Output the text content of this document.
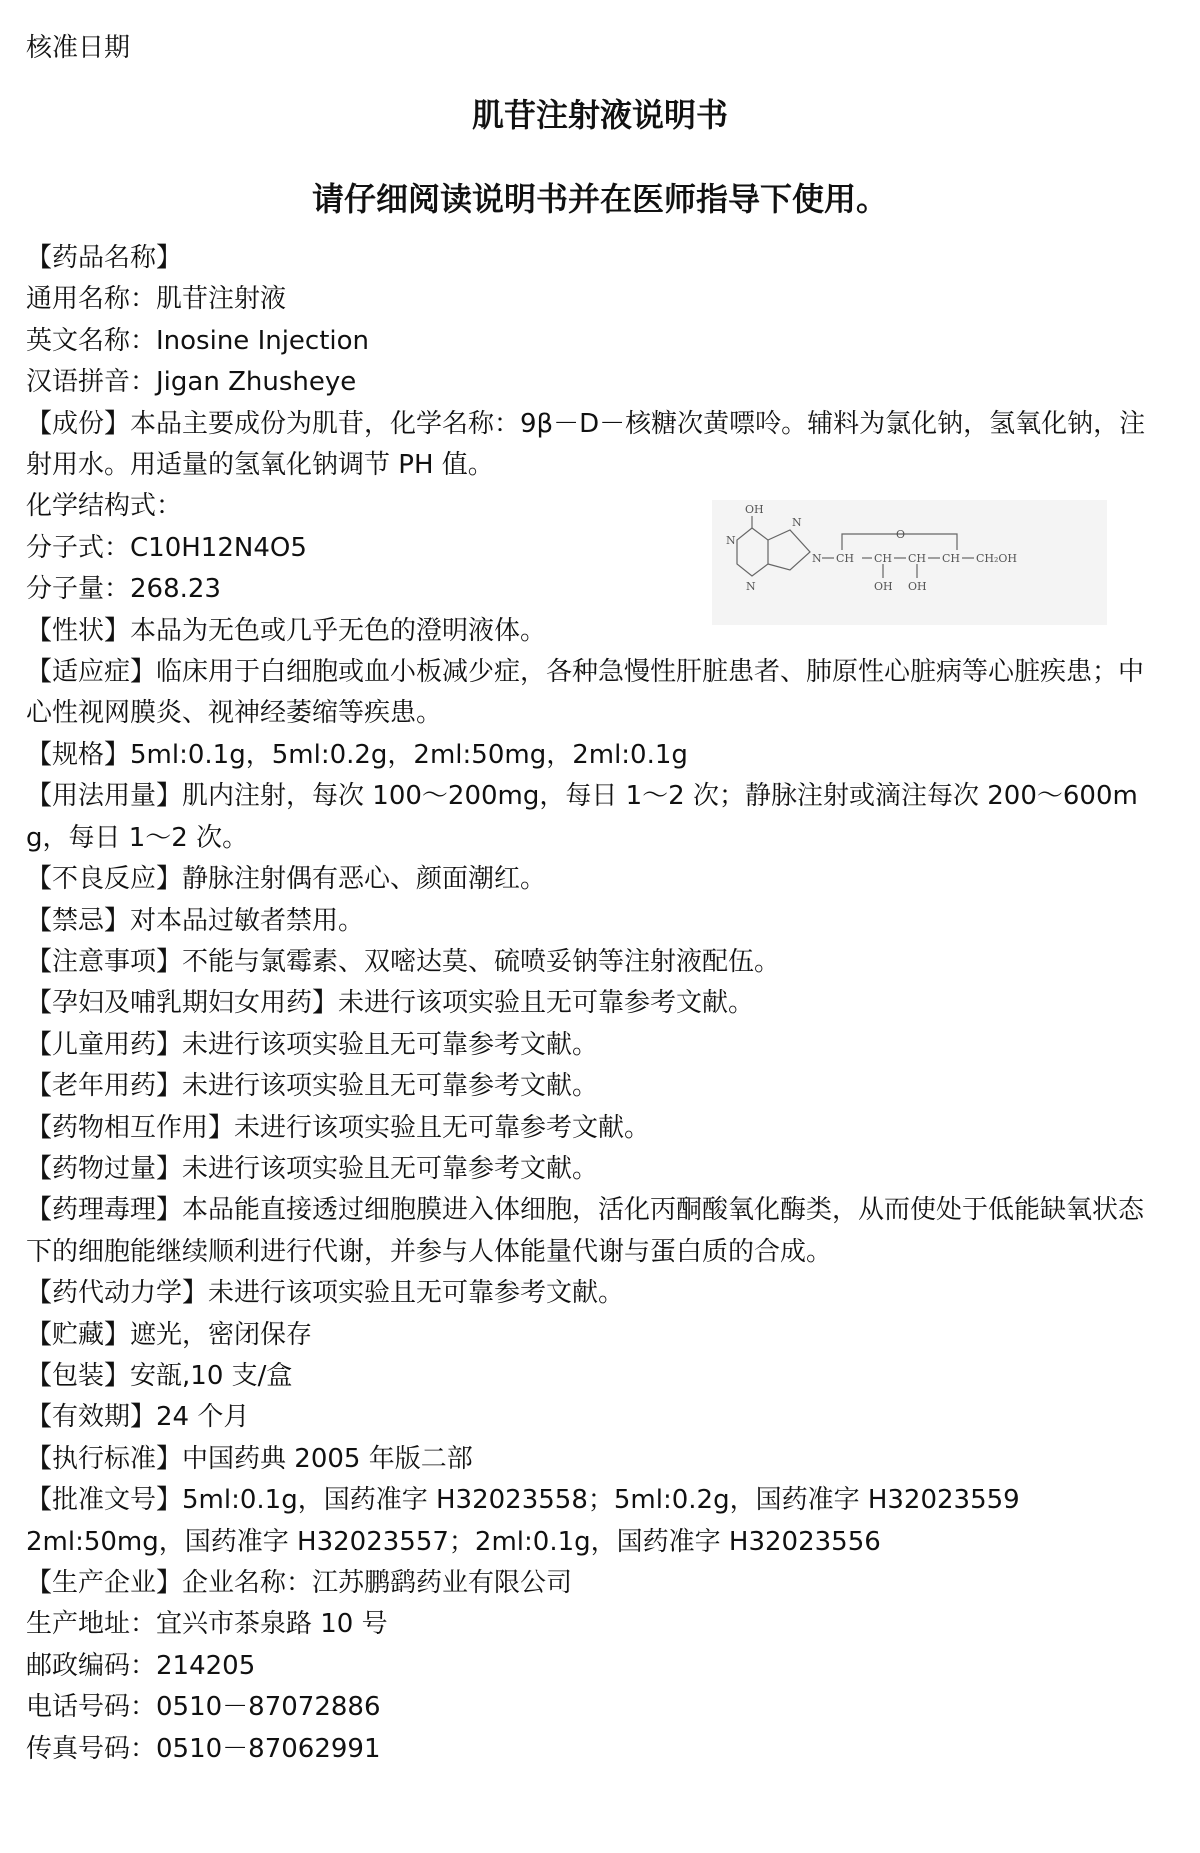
核准日期
肌苷注射液说明书
请仔细阅读说明书并在医师指导下使用。
【药品名称】
通用名称：肌苷注射液
英文名称：Inosine Injection
汉语拼音：Jigan Zhusheye
【成份】本品主要成份为肌苷，化学名称：9β－D－核糖次黄嘌呤。辅料为氯化钠，氢氧化钠，注射用水。用适量的氢氧化钠调节 PH 值。
化学结构式：
分子式：C10H12N4O5
分子量：268.23
【性状】本品为无色或几乎无色的澄明液体。
【适应症】临床用于白细胞或血小板减少症，各种急慢性肝脏患者、肺原性心脏病等心脏疾患；中心性视网膜炎、视神经萎缩等疾患。
【规格】5ml:0.1g，5ml:0.2g，2ml:50mg，2ml:0.1g
【用法用量】肌内注射，每次 100～200mg，每日 1～2 次；静脉注射或滴注每次 200～600mg，每日 1～2 次。
【不良反应】静脉注射偶有恶心、颜面潮红。
【禁忌】对本品过敏者禁用。
【注意事项】不能与氯霉素、双嘧达莫、硫喷妥钠等注射液配伍。
【孕妇及哺乳期妇女用药】未进行该项实验且无可靠参考文献。
【儿童用药】未进行该项实验且无可靠参考文献。
【老年用药】未进行该项实验且无可靠参考文献。
【药物相互作用】未进行该项实验且无可靠参考文献。
【药物过量】未进行该项实验且无可靠参考文献。
【药理毒理】本品能直接透过细胞膜进入体细胞，活化丙酮酸氧化酶类，从而使处于低能缺氧状态下的细胞能继续顺利进行代谢，并参与人体能量代谢与蛋白质的合成。
【药代动力学】未进行该项实验且无可靠参考文献。
【贮藏】遮光，密闭保存
【包装】安瓿,10 支/盒
【有效期】24 个月
【执行标准】中国药典 2005 年版二部
【批准文号】5ml:0.1g，国药准字 H32023558；5ml:0.2g，国药准字 H32023559
2ml:50mg，国药准字 H32023557；2ml:0.1g，国药准字 H32023556
【生产企业】企业名称：江苏鹏鹞药业有限公司
生产地址：宜兴市茶泉路 10 号
邮政编码：214205
电话号码：0510－87072886
传真号码：0510－87062991
OH
N
N
N
N
O
CH CH CH CH CH₂OH
OH OH
